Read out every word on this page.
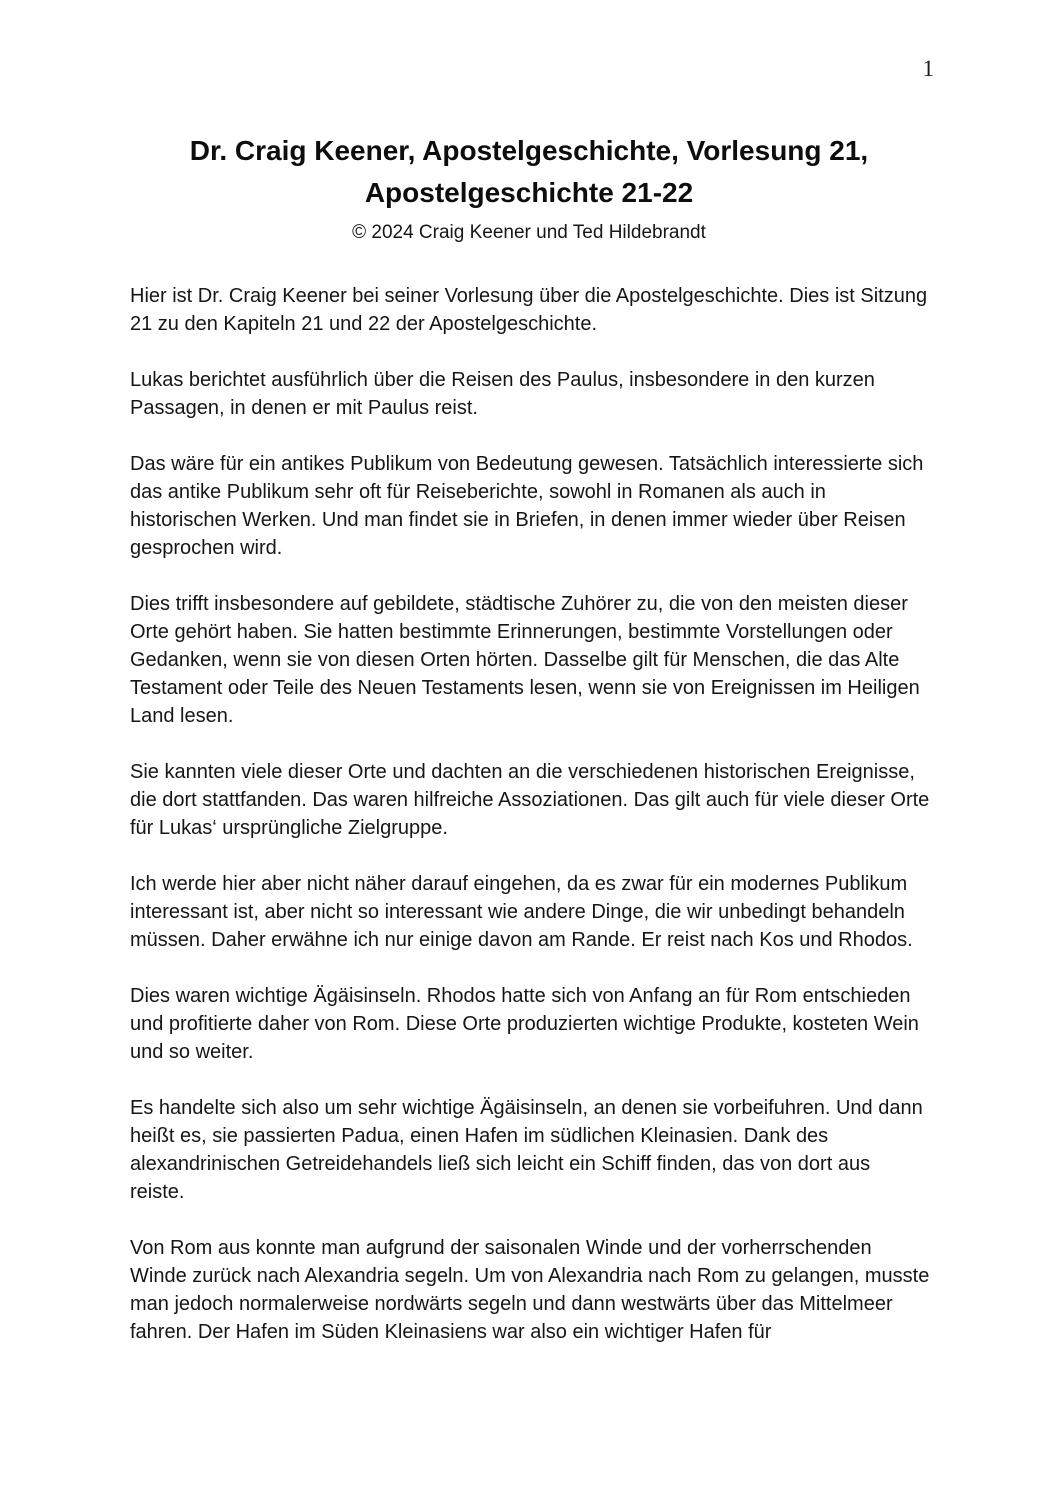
1
Dr. Craig Keener, Apostelgeschichte, Vorlesung 21,
Apostelgeschichte 21-22
© 2024 Craig Keener und Ted Hildebrandt

Hier ist Dr. Craig Keener bei seiner Vorlesung über die Apostelgeschichte. Dies ist Sitzung 21 zu den Kapiteln 21 und 22 der Apostelgeschichte.

Lukas berichtet ausführlich über die Reisen des Paulus, insbesondere in den kurzen Passagen, in denen er mit Paulus reist.

Das wäre für ein antikes Publikum von Bedeutung gewesen. Tatsächlich interessierte sich das antike Publikum sehr oft für Reiseberichte, sowohl in Romanen als auch in historischen Werken. Und man findet sie in Briefen, in denen immer wieder über Reisen gesprochen wird.

Dies trifft insbesondere auf gebildete, städtische Zuhörer zu, die von den meisten dieser Orte gehört haben. Sie hatten bestimmte Erinnerungen, bestimmte Vorstellungen oder Gedanken, wenn sie von diesen Orten hörten. Dasselbe gilt für Menschen, die das Alte Testament oder Teile des Neuen Testaments lesen, wenn sie von Ereignissen im Heiligen Land lesen.

Sie kannten viele dieser Orte und dachten an die verschiedenen historischen Ereignisse, die dort stattfanden. Das waren hilfreiche Assoziationen. Das gilt auch für viele dieser Orte für Lukas‘ ursprüngliche Zielgruppe.

Ich werde hier aber nicht näher darauf eingehen, da es zwar für ein modernes Publikum interessant ist, aber nicht so interessant wie andere Dinge, die wir unbedingt behandeln müssen. Daher erwähne ich nur einige davon am Rande. Er reist nach Kos und Rhodos.

Dies waren wichtige Ägäisinseln. Rhodos hatte sich von Anfang an für Rom entschieden und profitierte daher von Rom. Diese Orte produzierten wichtige Produkte, kosteten Wein und so weiter.

Es handelte sich also um sehr wichtige Ägäisinseln, an denen sie vorbeifuhren. Und dann heißt es, sie passierten Padua, einen Hafen im südlichen Kleinasien. Dank des alexandrinischen Getreidehandels ließ sich leicht ein Schiff finden, das von dort aus reiste.

Von Rom aus konnte man aufgrund der saisonalen Winde und der vorherrschenden Winde zurück nach Alexandria segeln. Um von Alexandria nach Rom zu gelangen, musste man jedoch normalerweise nordwärts segeln und dann westwärts über das Mittelmeer fahren. Der Hafen im Süden Kleinasiens war also ein wichtiger Hafen für
